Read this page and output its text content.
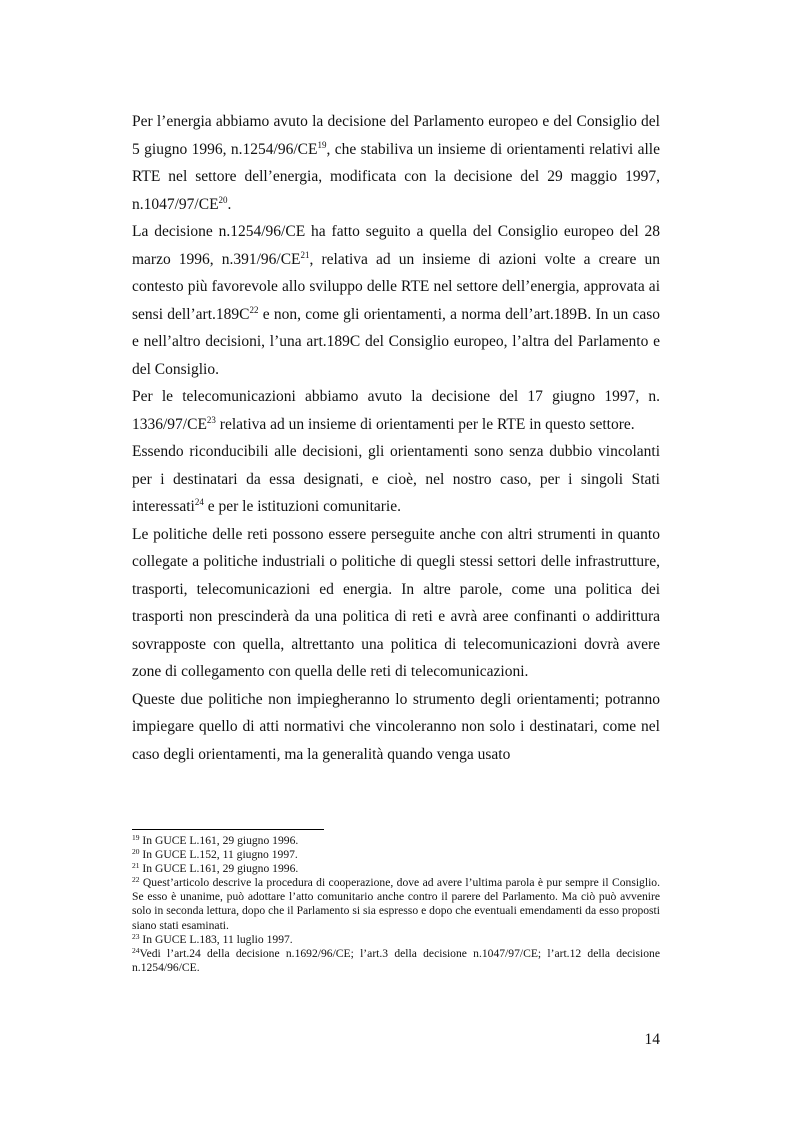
Per l’energia abbiamo avuto la decisione del Parlamento europeo e del Consiglio del 5 giugno 1996, n.1254/96/CE$^{19}$, che stabiliva un insieme di orientamenti relativi alle RTE nel settore dell’energia, modificata con la decisione del 29 maggio 1997, n.1047/97/CE$^{20}$.

La decisione n.1254/96/CE ha fatto seguito a quella del Consiglio europeo del 28 marzo 1996, n.391/96/CE$^{21}$, relativa ad un insieme di azioni volte a creare un contesto più favorevole allo sviluppo delle RTE nel settore dell’energia, approvata ai sensi $dell’art.189C^{22}$ e non, come gli orientamenti, a norma dell’art.189B. In un caso e nell’altro decisioni, l’una art.189C del Consiglio europeo, l’altra del Parlamento e del Consiglio.

Per le telecomunicazioni abbiamo avuto la decisione del 17 giugno 1997, n. 1336/97/CE$^{23}$ relativa ad un insieme di orientamenti per le RTE in questo settore.

Essendo riconducibili alle decisioni, gli orientamenti sono senza dubbio vincolanti per i destinatari da essa designati, e cioè, nel nostro caso, per i singoli Stati interessati$^{24}$ e per le istituzioni comunitarie.

Le politiche delle reti possono essere perseguite anche con altri strumenti in quanto collegate a politiche industriali o politiche di quegli stessi settori delle infrastrutture, trasporti, telecomunicazioni ed energia. In altre parole, come una politica dei trasporti non prescinderà da una politica di reti e avrà aree confinanti o addirittura sovrapposte con quella, altrettanto una politica di telecomunicazioni dovrà avere zone di collegamento con quella delle reti di telecomunicazioni.

Queste due politiche non impiegheranno lo strumento degli orientamenti; potranno impiegare quello di atti normativi che vincoleranno non solo i destinatari, come nel caso degli orientamenti, ma la generalità quando venga usato

$^{19}$ In GUCE L.161, 29 giugno 1996.

$^{20}$ In GUCE L.152, 11 giugno 1997.

$^{21}$ In GUCE L.161, 29 giugno 1996.

$^{22}$ Quest’articolo descrive la procedura di cooperazione, dove ad avere l’ultima parola è pur sempre il Consiglio. Se esso è unanime, può adottare l’atto comunitario anche contro il parere del Parlamento. Ma ciò può avvenire solo in seconda lettura, dopo che il Parlamento si sia espresso e dopo che eventuali emendamenti da esso proposti siano stati esaminati.

$^{23}$ In GUCE L.183, 11 luglio 1997.

$^{24}$Vedi l’art.24 della decisione n.1692/96/CE; l’art.3 della decisione n.1047/97/CE; l’art.12 della decisione n.1254/96/CE.

14
